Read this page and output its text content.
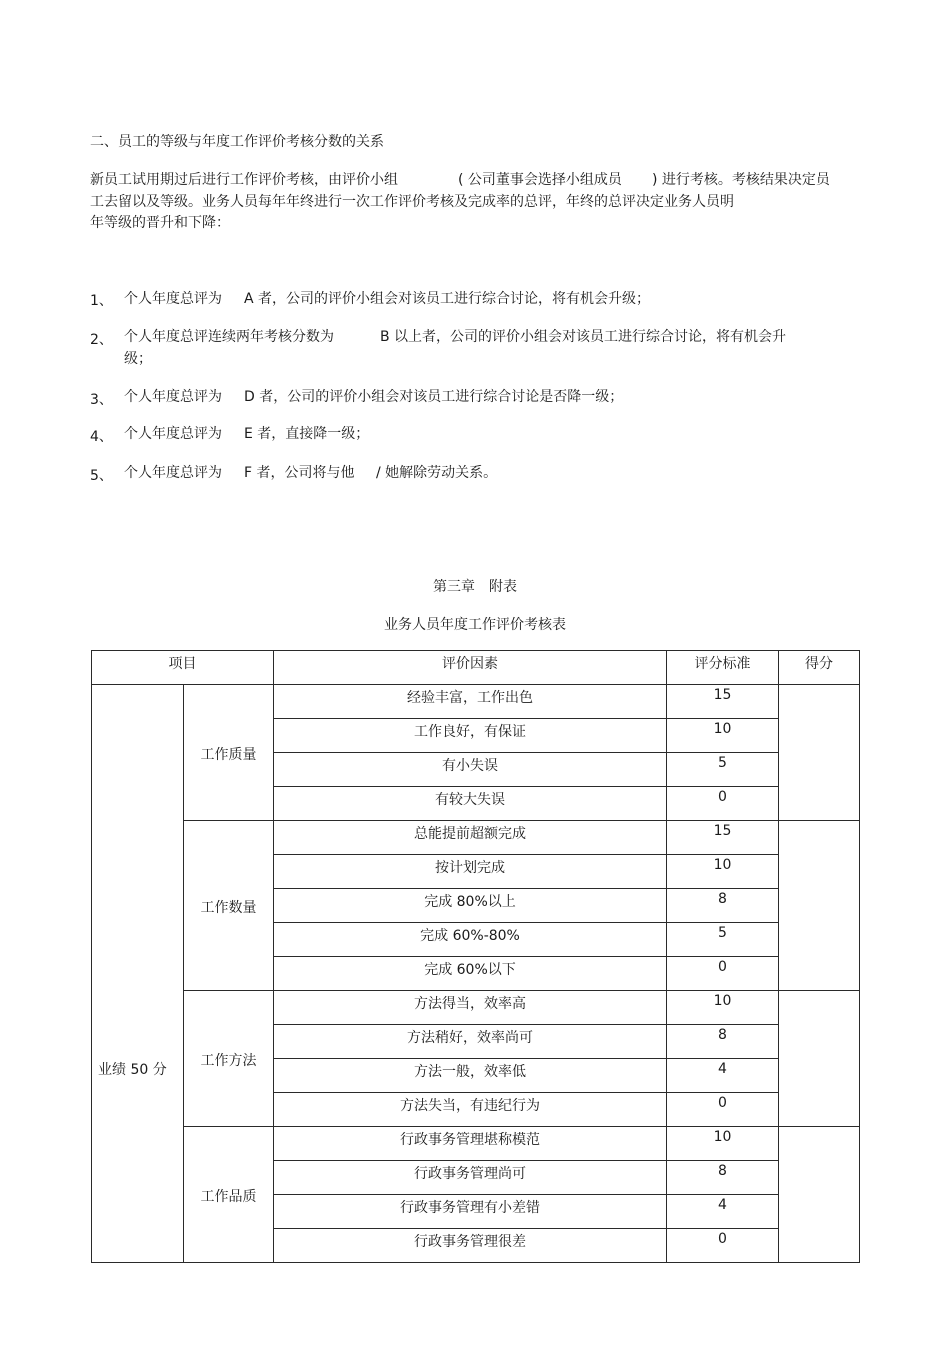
二、员工的等级与年度工作评价考核分数的关系
新员工试用期过后进行工作评价考核，由评价小组	( 公司董事会选择小组成员 ) 进行考核。考核结果决定员
工去留以及等级。业务人员每年年终进行一次工作评价考核及完成率的总评，年终的总评决定业务人员明
年等级的晋升和下降：
1、 个人年度总评为 A 者，公司的评价小组会对该员工进行综合讨论，将有机会升级；
2、 个人年度总评连续两年考核分数为	B 以上者，公司的评价小组会对该员工进行综合讨论，将有机会升
级；
3、 个人年度总评为 D 者，公司的评价小组会对该员工进行综合讨论是否降一级；
4、 个人年度总评为 E 者，直接降一级；
5、 个人年度总评为 F 者，公司将与他 / 她解除劳动关系。
第三章　附表
业务人员年度工作评价考核表
项目		评价因素	评分标准	得分

业绩 50 分	工作质量	经验丰富，工作出色	15	

		工作良好，有保证	10	

		有小失误	5	

		有较大失误	0	

	工作数量	总能提前超额完成	15	

		按计划完成	10	

		完成 80%以上	8	

		完成 60%-80%	5	

		完成 60%以下	0	

	工作方法	方法得当，效率高	10	

		方法稍好，效率尚可	8	

		方法一般，效率低	4	

		方法失当，有违纪行为	0	

	工作品质	行政事务管理堪称模范	10	

		行政事务管理尚可	8	

		行政事务管理有小差错	4	

		行政事务管理很差	0	
